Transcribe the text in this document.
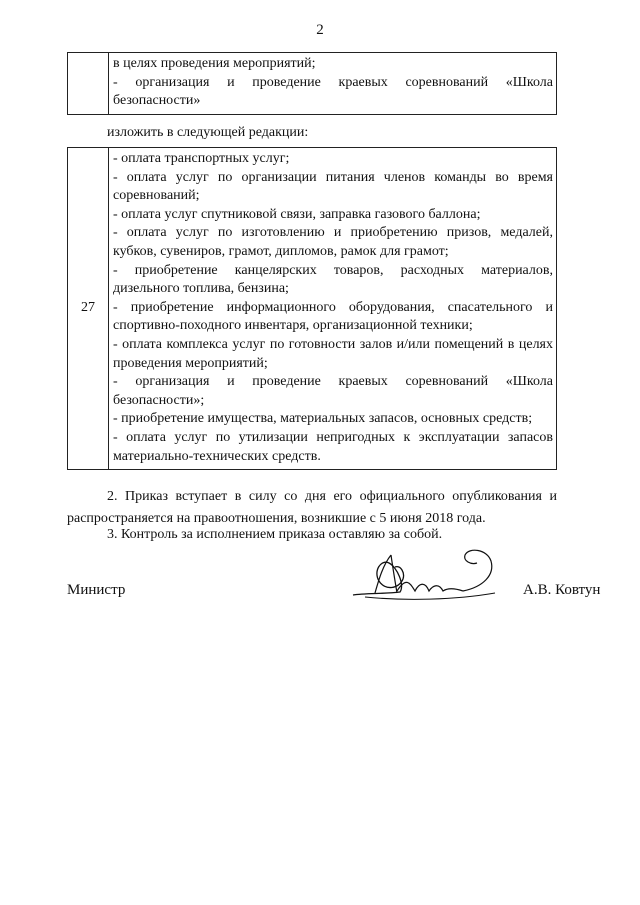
2

в целях проведения мероприятий;
- организация и проведение краевых соревнований «Школа безопасности»
изложить в следующей редакции:
27	
- оплата транспортных услуг;
- оплата услуг по организации питания членов команды во время соревнований;
- оплата услуг спутниковой связи, заправка газового баллона;
- оплата услуг по изготовлению и приобретению призов, медалей, кубков, сувениров, грамот, дипломов, рамок для грамот;
- приобретение канцелярских товаров, расходных материалов, дизельного топлива, бензина;
- приобретение информационного оборудования, спасательного и спортивно-походного инвентаря, организационной техники;
- оплата комплекса услуг по готовности залов и/или помещений в целях проведения мероприятий;
- организация и проведение краевых соревнований «Школа безопасности»;
- приобретение имущества, материальных запасов, основных средств;
- оплата услуг по утилизации непригодных к эксплуатации запасов материально-технических средств.
2. Приказ вступает в силу со дня его официального опубликования и распространяется на правоотношения, возникшие с 5 июня 2018 года.
3. Контроль за исполнением приказа оставляю за собой.
Министр	А.В. Ковтун
